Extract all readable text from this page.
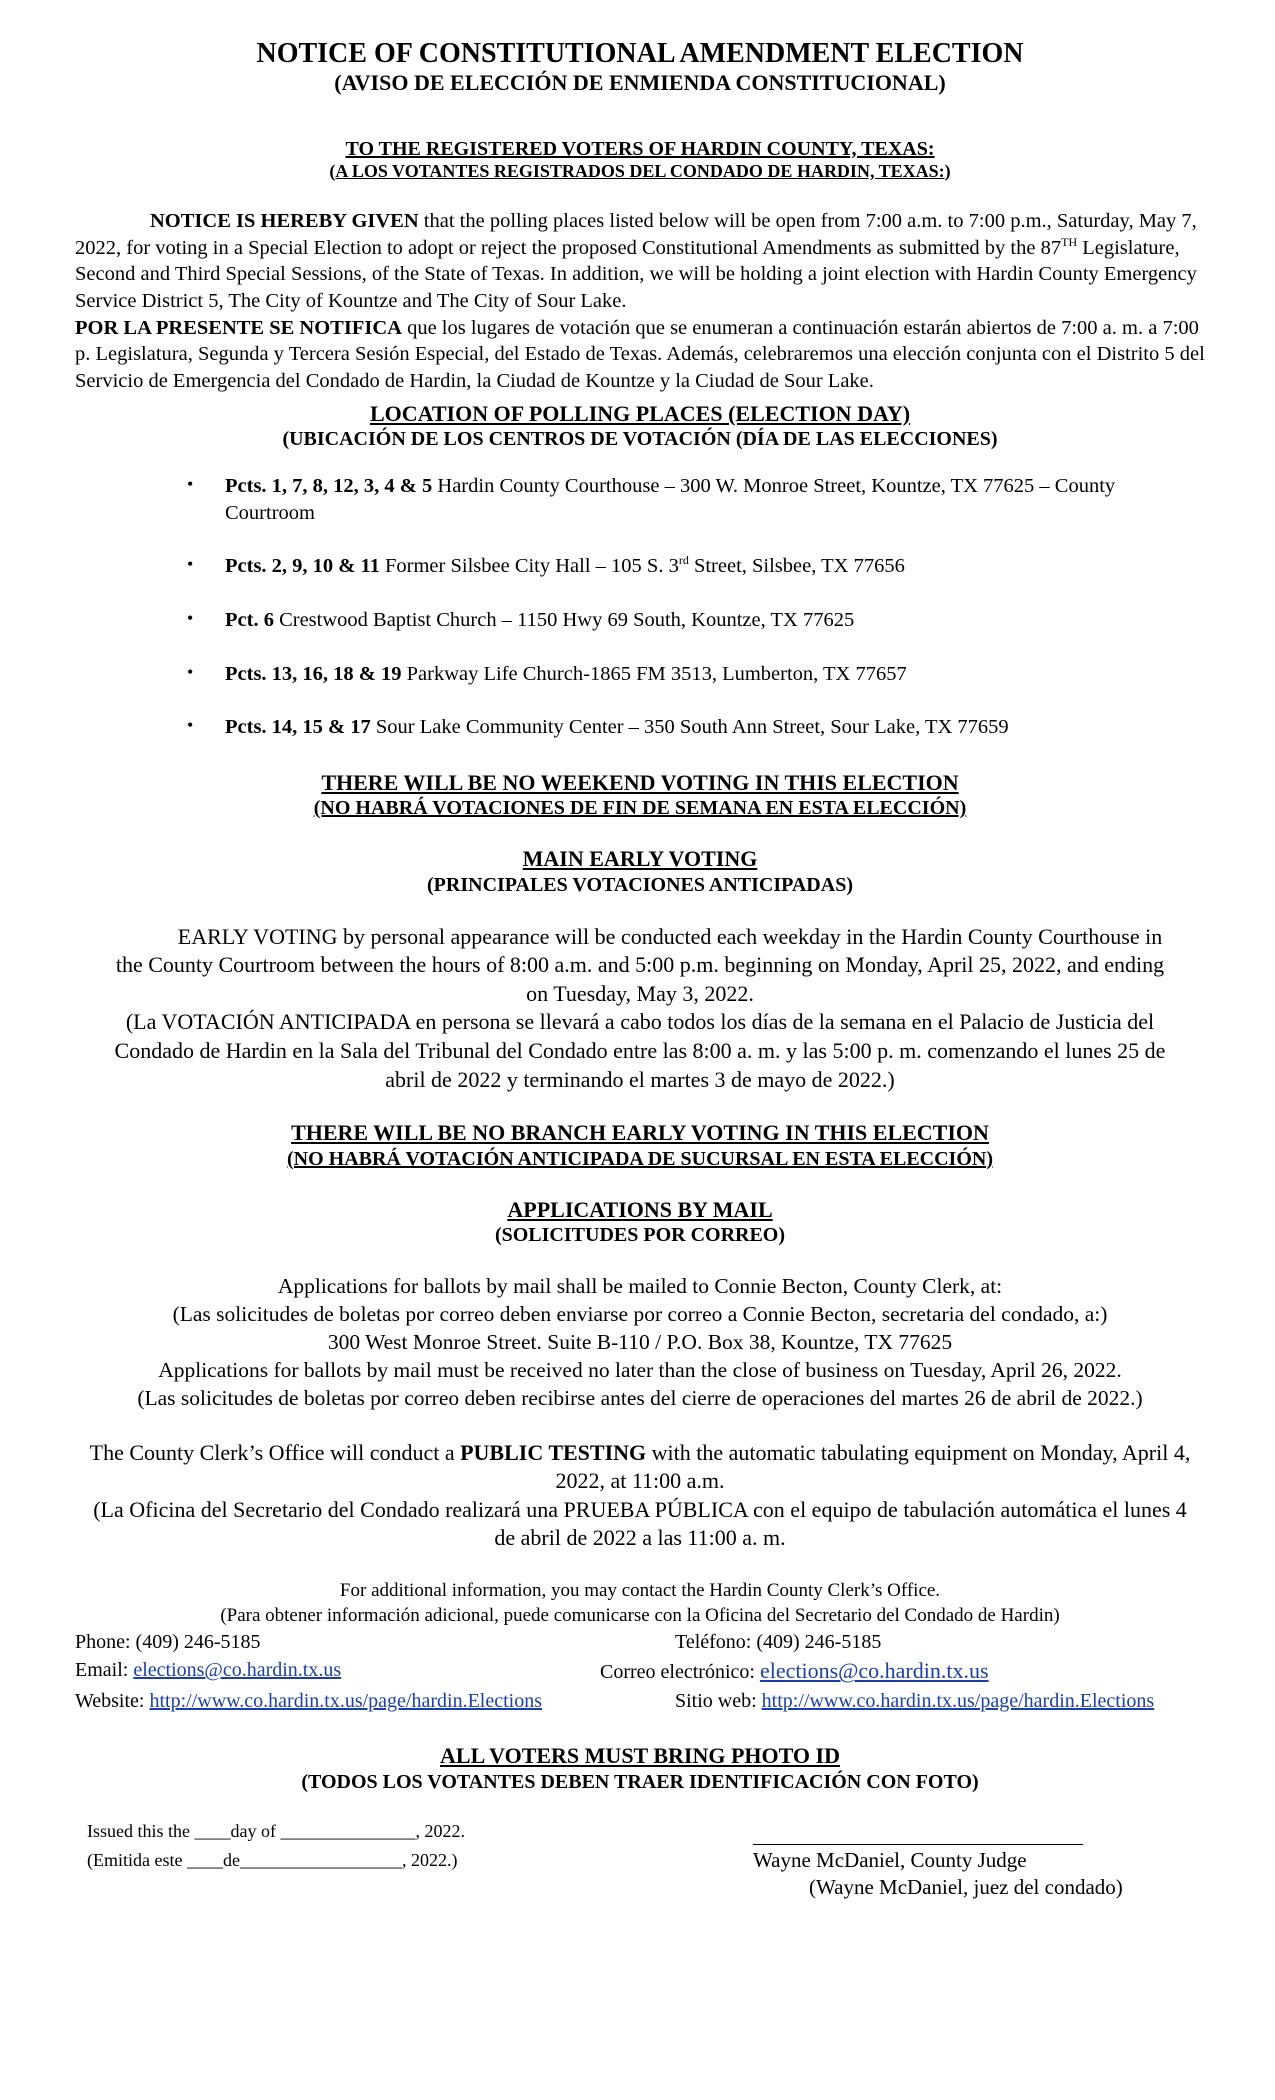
NOTICE OF CONSTITUTIONAL AMENDMENT ELECTION
(AVISO DE ELECCIÓN DE ENMIENDA CONSTITUCIONAL)
TO THE REGISTERED VOTERS OF HARDIN COUNTY, TEXAS:
(A LOS VOTANTES REGISTRADOS DEL CONDADO DE HARDIN, TEXAS:)

NOTICE IS HEREBY GIVEN that the polling places listed below will be open from 7:00 a.m. to 7:00 p.m., Saturday, May 7, 2022, for voting in a Special Election to adopt or reject the proposed Constitutional Amendments as submitted by the 87TH Legislature, Second and Third Special Sessions, of the State of Texas. In addition, we will be holding a joint election with Hardin County Emergency Service District 5, The City of Kountze and The City of Sour Lake.

POR LA PRESENTE SE NOTIFICA que los lugares de votación que se enumeran a continuación estarán abiertos de 7:00 a. m. a 7:00 p. Legislatura, Segunda y Tercera Sesión Especial, del Estado de Texas. Además, celebraremos una elección conjunta con el Distrito 5 del Servicio de Emergencia del Condado de Hardin, la Ciudad de Kountze y la Ciudad de Sour Lake.

LOCATION OF POLLING PLACES (ELECTION DAY)
(UBICACIÓN DE LOS CENTROS DE VOTACIÓN (DÍA DE LAS ELECCIONES)
• Pcts. 1, 7, 8, 12, 3, 4 & 5 Hardin County Courthouse – 300 W. Monroe Street, Kountze, TX 77625 – County Courtroom
• Pcts. 2, 9, 10 & 11 Former Silsbee City Hall – 105 S. 3rd Street, Silsbee, TX 77656
• Pct. 6 Crestwood Baptist Church – 1150 Hwy 69 South, Kountze, TX 77625
• Pcts. 13, 16, 18 & 19 Parkway Life Church-1865 FM 3513, Lumberton, TX 77657
• Pcts. 14, 15 & 17 Sour Lake Community Center – 350 South Ann Street, Sour Lake, TX 77659
THERE WILL BE NO WEEKEND VOTING IN THIS ELECTION
(NO HABRÁ VOTACIONES DE FIN DE SEMANA EN ESTA ELECCIÓN)
MAIN EARLY VOTING
(PRINCIPALES VOTACIONES ANTICIPADAS)

EARLY VOTING by personal appearance will be conducted each weekday in the Hardin County Courthouse in the County Courtroom between the hours of 8:00 a.m. and 5:00 p.m. beginning on Monday, April 25, 2022, and ending on Tuesday, May 3, 2022.

(La VOTACIÓN ANTICIPADA en persona se llevará a cabo todos los días de la semana en el Palacio de Justicia del Condado de Hardin en la Sala del Tribunal del Condado entre las 8:00 a. m. y las 5:00 p. m. comenzando el lunes 25 de abril de 2022 y terminando el martes 3 de mayo de 2022.)

THERE WILL BE NO BRANCH EARLY VOTING IN THIS ELECTION
(NO HABRÁ VOTACIÓN ANTICIPADA DE SUCURSAL EN ESTA ELECCIÓN)
APPLICATIONS BY MAIL
(SOLICITUDES POR CORREO)

Applications for ballots by mail shall be mailed to Connie Becton, County Clerk, at:

(Las solicitudes de boletas por correo deben enviarse por correo a Connie Becton, secretaria del condado, a:)

300 West Monroe Street. Suite B-110 / P.O. Box 38, Kountze, TX 77625

Applications for ballots by mail must be received no later than the close of business on Tuesday, April 26, 2022.

(Las solicitudes de boletas por correo deben recibirse antes del cierre de operaciones del martes 26 de abril de 2022.)

The County Clerk’s Office will conduct a PUBLIC TESTING with the automatic tabulating equipment on Monday, April 4, 2022, at 11:00 a.m.

(La Oficina del Secretario del Condado realizará una PRUEBA PÚBLICA con el equipo de tabulación automática el lunes 4 de abril de 2022 a las 11:00 a. m.

For additional information, you may contact the Hardin County Clerk’s Office.

(Para obtener información adicional, puede comunicarse con la Oficina del Secretario del Condado de Hardin)

Phone: (409) 246-5185	Teléfono: (409) 246-5185
Email: elections@co.hardin.tx.us	Correo electrónico: elections@co.hardin.tx.us
Website: http://www.co.hardin.tx.us/page/hardin.Elections	Sitio web: http://www.co.hardin.tx.us/page/hardin.Elections
ALL VOTERS MUST BRING PHOTO ID
(TODOS LOS VOTANTES DEBEN TRAER IDENTIFICACIÓN CON FOTO)

Issued this the ____day of _______________, 2022.

(Emitida este ____de__________________, 2022.)	Wayne McDaniel, County Judge

(Wayne McDaniel, juez del condado)
